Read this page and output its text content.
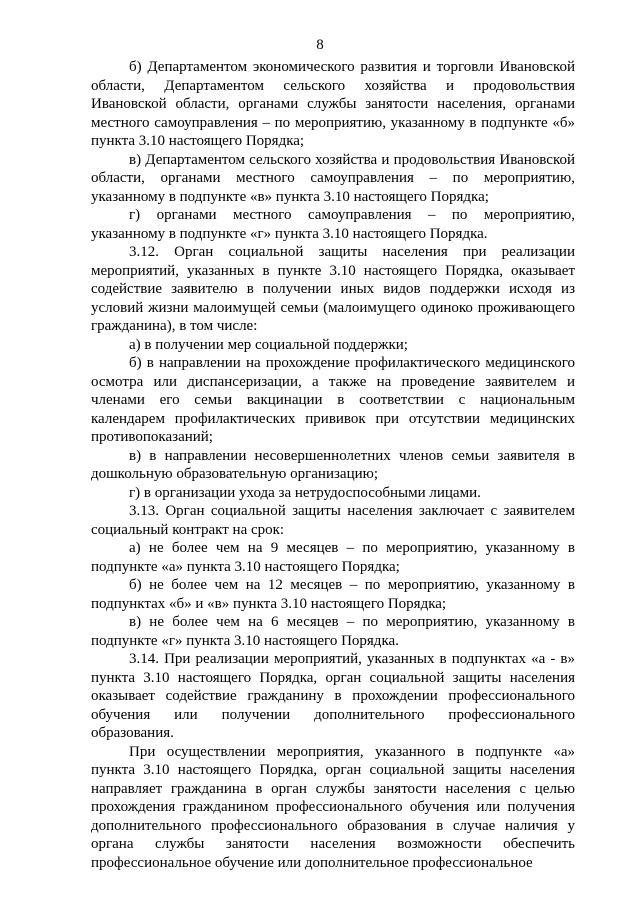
8

б) Департаментом экономического развития и торговли Ивановской области, Департаментом сельского хозяйства и продовольствия Ивановской области, органами службы занятости населения, органами местного самоуправления – по мероприятию, указанному в подпункте «б» пункта 3.10 настоящего Порядка;

в) Департаментом сельского хозяйства и продовольствия Ивановской области, органами местного самоуправления – по мероприятию, указанному в подпункте «в» пункта 3.10 настоящего Порядка;

г) органами местного самоуправления – по мероприятию, указанному в подпункте «г» пункта 3.10 настоящего Порядка.

3.12. Орган социальной защиты населения при реализации мероприятий, указанных в пункте 3.10 настоящего Порядка, оказывает содействие заявителю в получении иных видов поддержки исходя из условий жизни малоимущей семьи (малоимущего одиноко проживающего гражданина), в том числе:

а) в получении мер социальной поддержки;

б) в направлении на прохождение профилактического медицинского осмотра или диспансеризации, а также на проведение заявителем и членами его семьи вакцинации в соответствии с национальным календарем профилактических прививок при отсутствии медицинских противопоказаний;

в) в направлении несовершеннолетних членов семьи заявителя в дошкольную образовательную организацию;

г) в организации ухода за нетрудоспособными лицами.

3.13. Орган социальной защиты населения заключает с заявителем социальный контракт на срок:

а) не более чем на 9 месяцев – по мероприятию, указанному в подпункте «а» пункта 3.10 настоящего Порядка;

б) не более чем на 12 месяцев – по мероприятию, указанному в подпунктах «б» и «в» пункта 3.10 настоящего Порядка;

в) не более чем на 6 месяцев – по мероприятию, указанному в подпункте «г» пункта 3.10 настоящего Порядка.

3.14. При реализации мероприятий, указанных в подпунктах «а - в» пункта 3.10 настоящего Порядка, орган социальной защиты населения оказывает содействие гражданину в прохождении профессионального обучения или получении дополнительного профессионального образования.

При осуществлении мероприятия, указанного в подпункте «а» пункта 3.10 настоящего Порядка, орган социальной защиты населения направляет гражданина в орган службы занятости населения с целью прохождения гражданином профессионального обучения или получения дополнительного профессионального образования в случае наличия у органа службы занятости населения возможности обеспечить профессиональное обучение или дополнительное профессиональное
